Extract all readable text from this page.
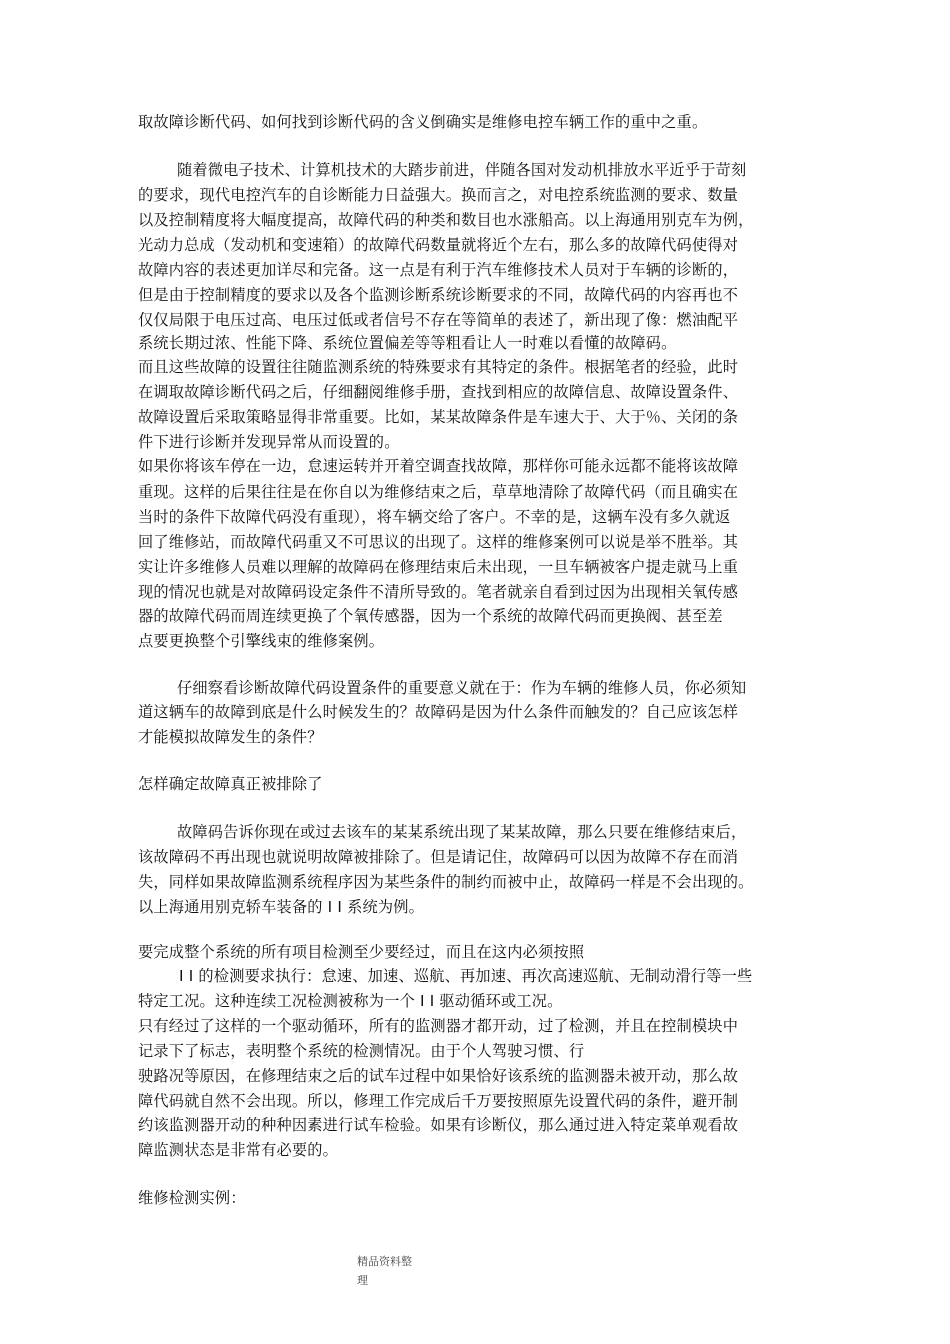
取故障诊断代码、如何找到诊断代码的含义倒确实是维修电控车辆工作的重中之重。
随着微电子技术、计算机技术的大踏步前进，伴随各国对发动机排放水平近乎于苛刻
的要求，现代电控汽车的自诊断能力日益强大。换而言之，对电控系统监测的要求、数量
以及控制精度将大幅度提高，故障代码的种类和数目也水涨船高。以上海通用别克车为例，
光动力总成（发动机和变速箱）的故障代码数量就将近个左右，那么多的故障代码使得对
故障内容的表述更加详尽和完备。这一点是有利于汽车维修技术人员对于车辆的诊断的，
但是由于控制精度的要求以及各个监测诊断系统诊断要求的不同，故障代码的内容再也不
仅仅局限于电压过高、电压过低或者信号不存在等简单的表述了，新出现了像：燃油配平
系统长期过浓、性能下降、系统位置偏差等等粗看让人一时难以看懂的故障码。
而且这些故障的设置往往随监测系统的特殊要求有其特定的条件。根据笔者的经验，此时
在调取故障诊断代码之后，仔细翻阅维修手册，查找到相应的故障信息、故障设置条件、
故障设置后采取策略显得非常重要。比如，某某故障条件是车速大于、大于％、关闭的条
件下进行诊断并发现异常从而设置的。
如果你将该车停在一边，怠速运转并开着空调查找故障，那样你可能永远都不能将该故障
重现。这样的后果往往是在你自以为维修结束之后，草草地清除了故障代码（而且确实在
当时的条件下故障代码没有重现），将车辆交给了客户。不幸的是，这辆车没有多久就返
回了维修站，而故障代码重又不可思议的出现了。这样的维修案例可以说是举不胜举。其
实让许多维修人员难以理解的故障码在修理结束后未出现，一旦车辆被客户提走就马上重
现的情况也就是对故障码设定条件不清所导致的。笔者就亲自看到过因为出现相关氧传感
器的故障代码而周连续更换了个氧传感器，因为一个系统的故障代码而更换阀、甚至差
点要更换整个引擎线束的维修案例。
仔细察看诊断故障代码设置条件的重要意义就在于：作为车辆的维修人员，你必须知
道这辆车的故障到底是什么时候发生的？故障码是因为什么条件而触发的？自己应该怎样
才能模拟故障发生的条件？
怎样确定故障真正被排除了
故障码告诉你现在或过去该车的某某系统出现了某某故障，那么只要在维修结束后，
该故障码不再出现也就说明故障被排除了。但是请记住，故障码可以因为故障不存在而消
失，同样如果故障监测系统程序因为某些条件的制约而被中止，故障码一样是不会出现的。
以上海通用别克轿车装备的 I I 系统为例。
要完成整个系统的所有项目检测至少要经过，而且在这内必须按照
I I 的检测要求执行：怠速、加速、巡航、再加速、再次高速巡航、无制动滑行等一些
特定工况。这种连续工况检测被称为一个 I I 驱动循环或工况。
只有经过了这样的一个驱动循环，所有的监测器才都开动，过了检测，并且在控制模块中
记录下了标志，表明整个系统的检测情况。由于个人驾驶习惯、行
驶路况等原因，在修理结束之后的试车过程中如果恰好该系统的监测器未被开动，那么故
障代码就自然不会出现。所以，修理工作完成后千万要按照原先设置代码的条件，避开制
约该监测器开动的种种因素进行试车检验。如果有诊断仪，那么通过进入特定菜单观看故
障监测状态是非常有必要的。
维修检测实例：
精品资料整
理
